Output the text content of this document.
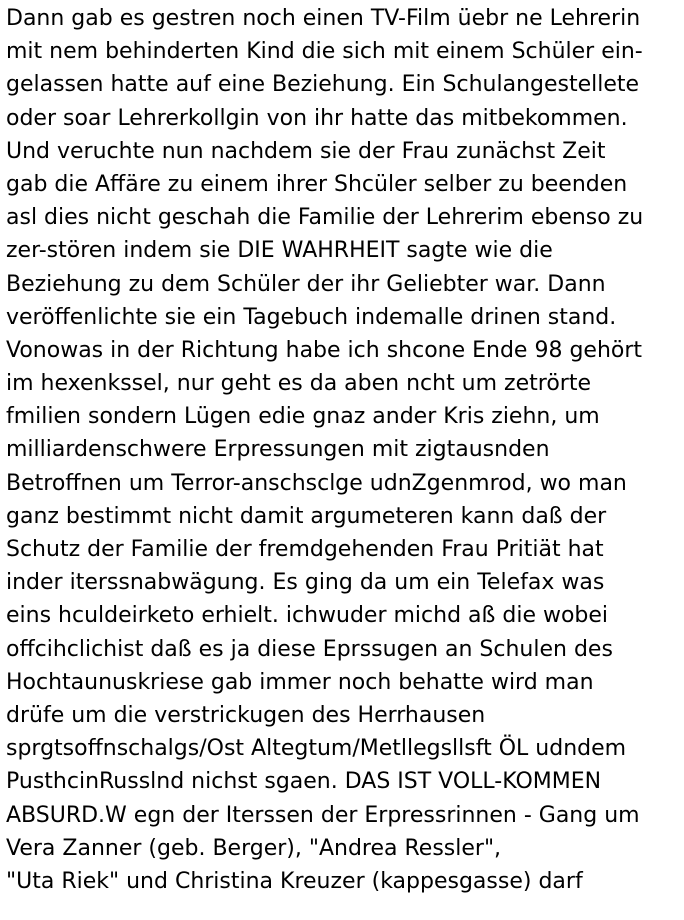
Dann gab es gestren noch einen TV-Film üebr ne Lehrerin
mit nem behinderten Kind die sich mit einem Schüler ein-
gelassen hatte auf eine Beziehung. Ein Schulangestellete
oder soar Lehrerkollgin von ihr hatte das mitbekommen.
Und veruchte nun nachdem sie der Frau zunächst Zeit
gab die Affäre zu einem ihrer Shcüler selber zu beenden
asl dies nicht geschah die Familie der Lehrerim ebenso zu
zer-stören indem sie DIE WAHRHEIT sagte wie die
Beziehung zu dem Schüler der ihr Geliebter war. Dann
veröffenlichte sie ein Tagebuch indemalle drinen stand.
Vonowas in der Richtung habe ich shcone Ende 98 gehört
im hexenkssel, nur geht es da aben ncht um zetrörte
fmilien sondern Lügen edie gnaz ander Kris ziehn, um
milliardenschwere Erpressungen mit zigtausnden
Betroffnen um Terror-anschsclge udnZgenmrod, wo man
ganz bestimmt nicht damit argumeteren kann daß der
Schutz der Familie der fremdgehenden Frau Pritiät hat
inder iterssnabwägung. Es ging da um ein Telefax was
eins hculdeirketo erhielt. ichwuder michd aß die wobei
offcihclichist daß es ja diese Eprssugen an Schulen des
Hochtaunuskriese gab immer noch behatte wird man
drüfe um die verstrickugen des Herrhausen
sprgtsoffnschalgs/Ost Altegtum/Metllegsllsft ÖL udndem
PusthcinRusslnd nichst sgaen. DAS IST VOLL-KOMMEN
ABSURD.W egn der Iterssen der Erpressrinnen - Gang um
Vera Zanner (geb. Berger), "Andrea Ressler",
"Uta Riek" und Christina Kreuzer (kappesgasse) darf
